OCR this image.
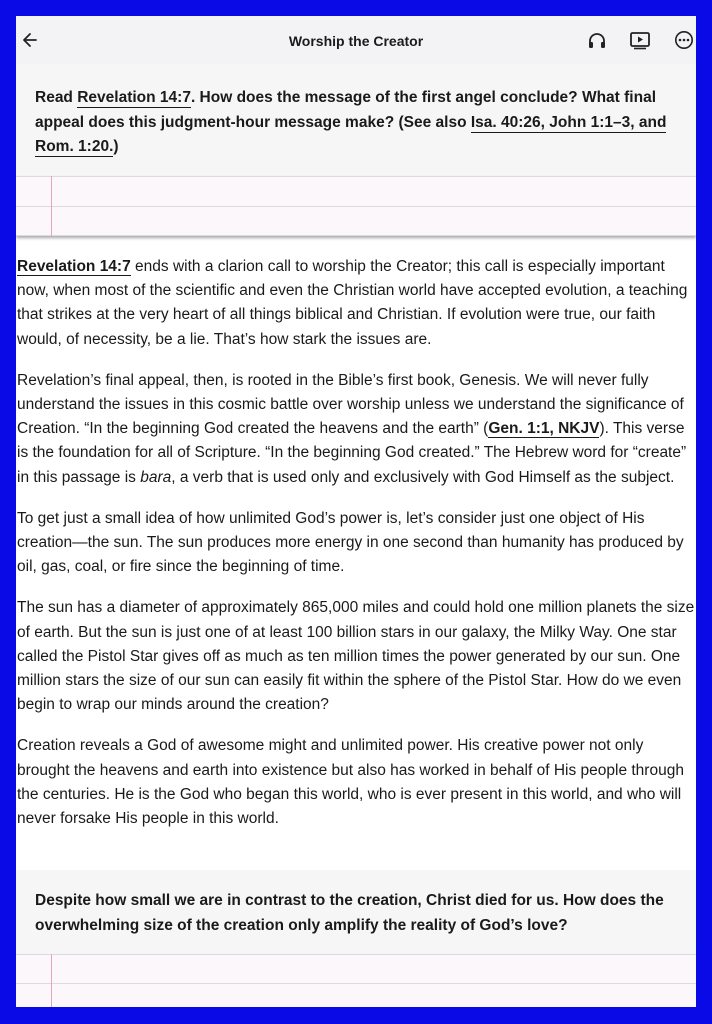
Worship the Creator
Read Revelation 14:7. How does the message of the first angel conclude? What final appeal does this judgment-hour message make? (See also Isa. 40:26, John 1:1–3, and Rom. 1:20.)

Revelation 14:7 ends with a clarion call to worship the Creator; this call is especially important now, when most of the scientific and even the Christian world have accepted evolution, a teaching that strikes at the very heart of all things biblical and Christian. If evolution were true, our faith would, of necessity, be a lie. That’s how stark the issues are.

Revelation’s final appeal, then, is rooted in the Bible’s first book, Genesis. We will never fully understand the issues in this cosmic battle over worship unless we understand the significance of Creation. “In the beginning God created the heavens and the earth” (Gen. 1:1, NKJV). This verse is the foundation for all of Scripture. “In the beginning God created.” The Hebrew word for “create” in this passage is bara, a verb that is used only and exclusively with God Himself as the subject.

To get just a small idea of how unlimited God’s power is, let’s consider just one object of His creation—the sun. The sun produces more energy in one second than humanity has produced by oil, gas, coal, or fire since the beginning of time.

The sun has a diameter of approximately 865,000 miles and could hold one million planets the size of earth. But the sun is just one of at least 100 billion stars in our galaxy, the Milky Way. One star called the Pistol Star gives off as much as ten million times the power generated by our sun. One million stars the size of our sun can easily fit within the sphere of the Pistol Star. How do we even begin to wrap our minds around the creation?

Creation reveals a God of awesome might and unlimited power. His creative power not only brought the heavens and earth into existence but also has worked in behalf of His people through the centuries. He is the God who began this world, who is ever present in this world, and who will never forsake His people in this world.

Despite how small we are in contrast to the creation, Christ died for us. How does the overwhelming size of the creation only amplify the reality of God’s love?
